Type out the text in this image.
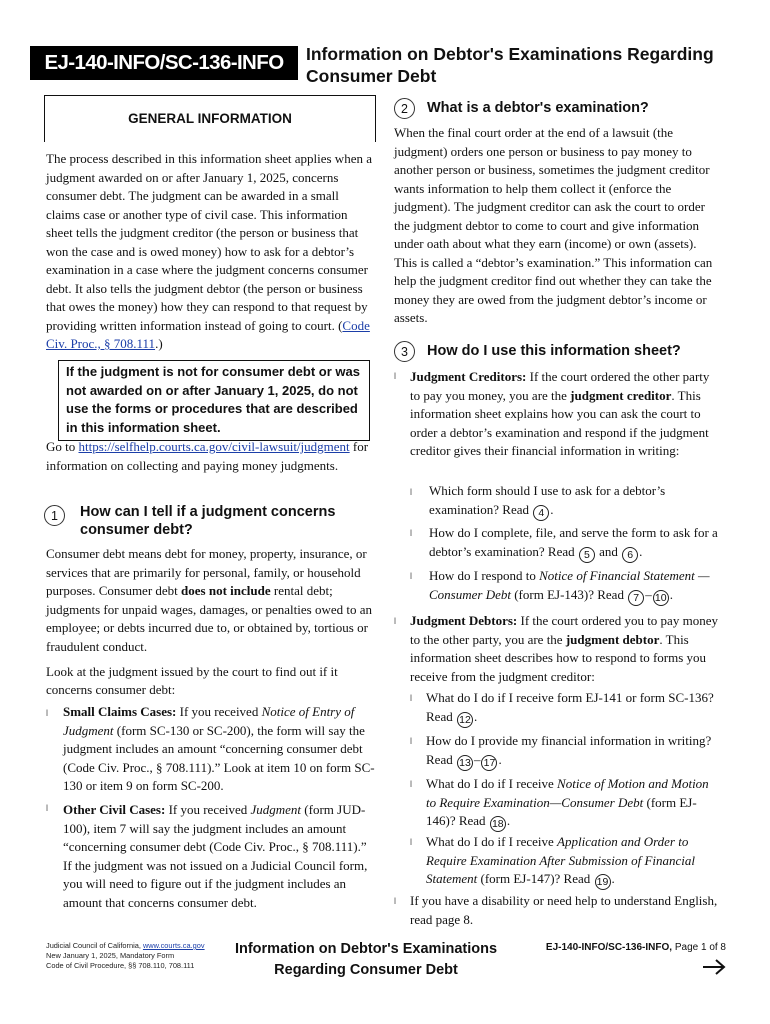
EJ-140-INFO/SC-136-INFO	Information on Debtor's Examinations Regarding Consumer Debt
GENERAL INFORMATION
The process described in this information sheet applies when a judgment awarded on or after January 1, 2025, concerns consumer debt. The judgment can be awarded in a small claims case or another type of civil case. This information sheet tells the judgment creditor (the person or business that won the case and is owed money) how to ask for a debtor’s examination in a case where the judgment concerns consumer debt. It also tells the judgment debtor (the person or business that owes the money) how they can respond to that request by providing written information instead of going to court. (Code Civ. Proc., § 708.111.)
If the judgment is not for consumer debt or was not awarded on or after January 1, 2025, do not use the forms or procedures that are described in this information sheet.
Go to https://selfhelp.courts.ca.gov/civil-lawsuit/judgment for information on collecting and paying money judgments.
1	How can I tell if a judgment concerns consumer debt?
Consumer debt means debt for money, property, insurance, or services that are primarily for personal, family, or household purposes. Consumer debt does not include rental debt; judgments for unpaid wages, damages, or penalties owed to an employee; or debts incurred due to, or obtained by, tortious or fraudulent conduct.
Look at the judgment issued by the court to find out if it concerns consumer debt:
l Small Claims Cases: If you received Notice of Entry of Judgment (form SC-130 or SC-200), the form will say the judgment includes an amount “concerning consumer debt (Code Civ. Proc., § 708.111).” Look at item 10 on form SC-130 or item 9 on form SC-200.
l Other Civil Cases: If you received Judgment (form JUD-100), item 7 will say the judgment includes an amount “concerning consumer debt (Code Civ. Proc., § 708.111).” If the judgment was not issued on a Judicial Council form, you will need to figure out if the judgment includes an amount that concerns consumer debt.
2	What is a debtor's examination?
When the final court order at the end of a lawsuit (the judgment) orders one person or business to pay money to another person or business, sometimes the judgment creditor wants information to help them collect it (enforce the judgment). The judgment creditor can ask the court to order the judgment debtor to come to court and give information under oath about what they earn (income) or own (assets). This is called a “debtor’s examination.” This information can help the judgment creditor find out whether they can take the money they are owed from the judgment debtor’s income or assets.
3	How do I use this information sheet?
l Judgment Creditors: If the court ordered the other party to pay you money, you are the judgment creditor. This information sheet explains how you can ask the court to order a debtor’s examination and respond if the judgment creditor gives their financial information in writing:
l Which form should I use to ask for a debtor’s examination? Read 4 .
l How do I complete, file, and serve the form to ask for a debtor’s examination? Read 5 and 6 .
l How do I respond to Notice of Financial Statement —Consumer Debt (form EJ-143)? Read 7 – 10 .
l Judgment Debtors: If the court ordered you to pay money to the other party, you are the judgment debtor. This information sheet describes how to respond to forms you receive from the judgment creditor:
l What do I do if I receive form EJ-141 or form SC-136? Read 12 .
l How do I provide my financial information in writing? Read 13 – 17 .
l What do I do if I receive Notice of Motion and Motion to Require Examination—Consumer Debt (form EJ-146)? Read 18 .
l What do I do if I receive Application and Order to Require Examination After Submission of Financial Statement (form EJ-147)? Read 19 .
l If you have a disability or need help to understand English, read page 8.
Judicial Council of California, www.courts.ca.gov
New January 1, 2025, Mandatory Form
Code of Civil Procedure, §§ 708.110, 708.111
Information on Debtor's Examinations Regarding Consumer Debt
EJ-140-INFO/SC-136-INFO, Page 1 of 8
